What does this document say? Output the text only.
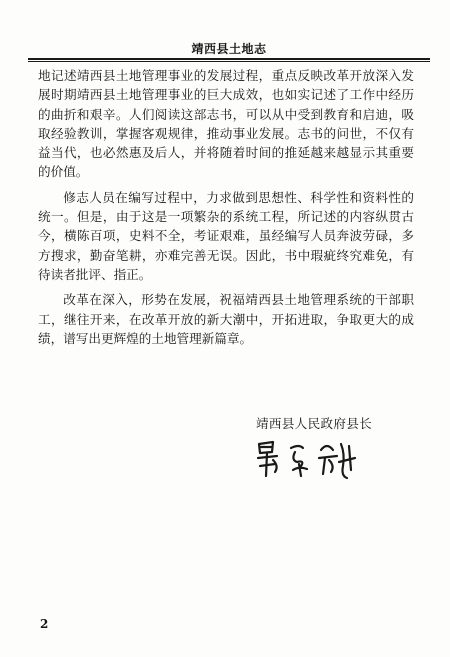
靖西县土地志

地记述靖西县土地管理事业的发展过程，重点反映改革开放深入发展时期靖西县土地管理事业的巨大成效，也如实记述了工作中经历的曲折和艰辛。人们阅读这部志书，可以从中受到教育和启迪，吸取经验教训，掌握客观规律，推动事业发展。志书的问世，不仅有益当代，也必然惠及后人，并将随着时间的推延越来越显示其重要的价值。

修志人员在编写过程中，力求做到思想性、科学性和资料性的统一。但是，由于这是一项繁杂的系统工程，所记述的内容纵贯古今，横陈百项，史料不全，考证艰难，虽经编写人员奔波劳碌，多方搜求，勤奋笔耕，亦难完善无误。因此，书中瑕疵终究难免，有待读者批评、指正。

改革在深入，形势在发展，祝福靖西县土地管理系统的干部职工，继往开来，在改革开放的新大潮中，开拓进取，争取更大的成绩，谱写出更辉煌的土地管理新篇章。

靖西县人民政府县长
2
